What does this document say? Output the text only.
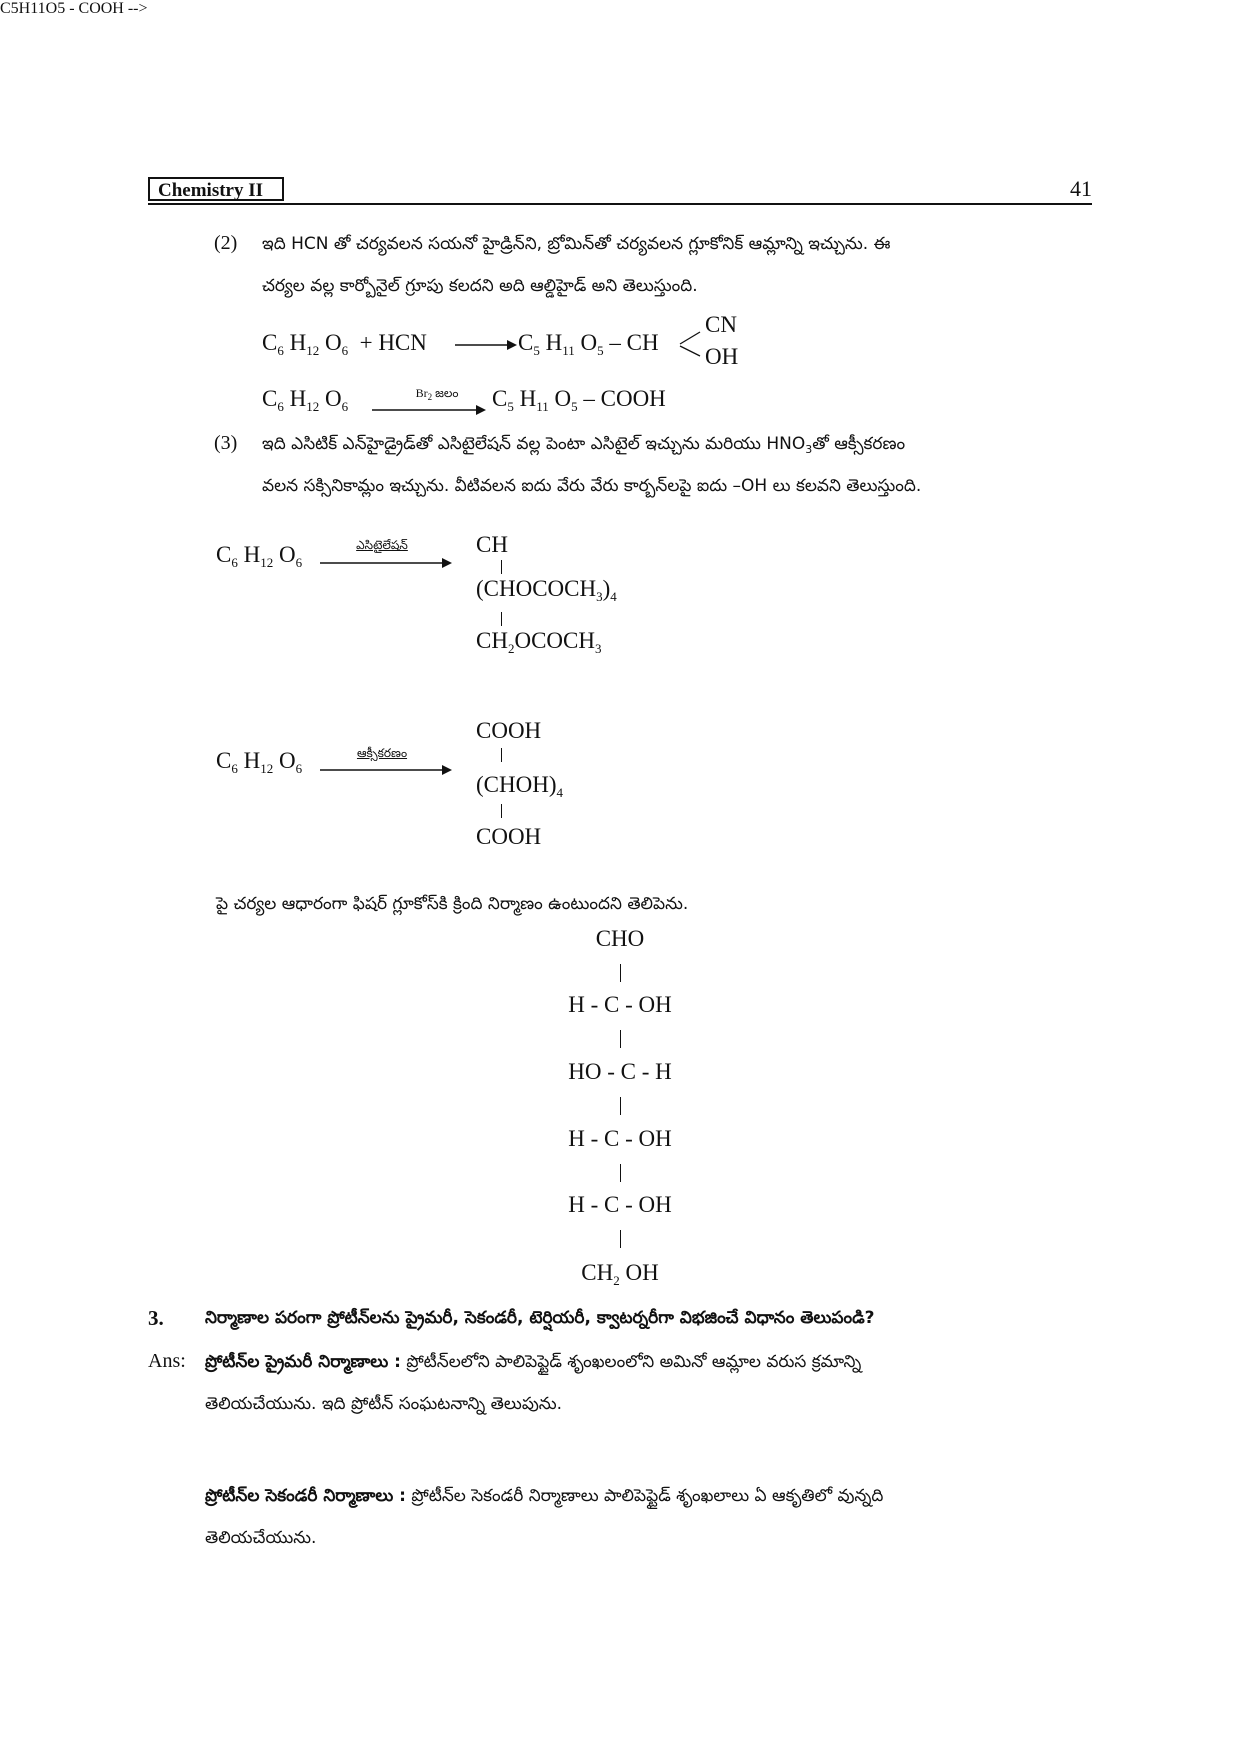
Chemistry II	41
(2) ఇది HCN తో చర్యవలన సయనో హైడ్రిన్‌ని, బ్రోమిన్‌తో చర్యవలన గ్లూకోనిక్ ఆమ్లాన్ని ఇచ్చును. ఈ
చర్యల వల్ల కార్బోనైల్ గ్రూపు కలదని అది ఆల్డిహైడ్ అని తెలుస్తుంది.
$C_6$ $H_{12}$ $O_6$ + HCN → $C_5$ $H_{11}$ $O_5$ – CH
CN
OH
C5H11O5 - COOH -->
$C_6$ $H_{12}$ $O_6$
$Br_2$ జలం	$C_5$ $H_{11}$ $O_5$ – COOH
(3) ఇది ఎసిటిక్ ఎన్‌హైడ్రైడ్‌తో ఎసిటైలేషన్ వల్ల పెంటా ఎసిటైల్ ఇచ్చును మరియు $HNO_3తో$ ఆక్సీకరణం
వలన సక్సినికామ్లం ఇచ్చును. వీటివలన ఐదు వేరు వేరు కార్బన్‌లపై ఐదు –OH లు కలవని తెలుస్తుంది.
$C_6$ $H_{12}$ $O_6$
ఎసిటైలేషన్	CH
$(CHOCOCH_3)_4$
$CH_2OCOCH_3$
$C_6$ $H_{12}$ $O_6$
ఆక్సీకరణం
COOH
$(CHOH)_4$
COOH
పై చర్యల ఆధారంగా ఫిషర్ గ్లూకోస్‌కి క్రింది నిర్మాణం ఉంటుందని తెలిపెను.
CHO
H - C - OH
HO - C - H
H - C - OH
H - C - OH
$CH_2$ OH
3. నిర్మాణాల పరంగా ప్రోటీన్‌లను ప్రైమరీ, సెకండరీ, టెర్షియరీ, క్వాటర్నరీగా విభజించే విధానం తెలుపండి?
Ans: ప్రోటీన్‌ల ప్రైమరీ నిర్మాణాలు : ప్రోటీన్‌లలోని పాలిపెప్టైడ్ శృంఖలంలోని అమినో ఆమ్లాల వరుస క్రమాన్ని
తెలియచేయును. ఇది ప్రోటీన్ సంఘటనాన్ని తెలుపును.
ప్రోటీన్‌ల సెకండరీ నిర్మాణాలు : ప్రోటీన్‌ల సెకండరీ నిర్మాణాలు పాలిపెప్టైడ్ శృంఖలాలు ఏ ఆకృతిలో వున్నది
తెలియచేయును.
